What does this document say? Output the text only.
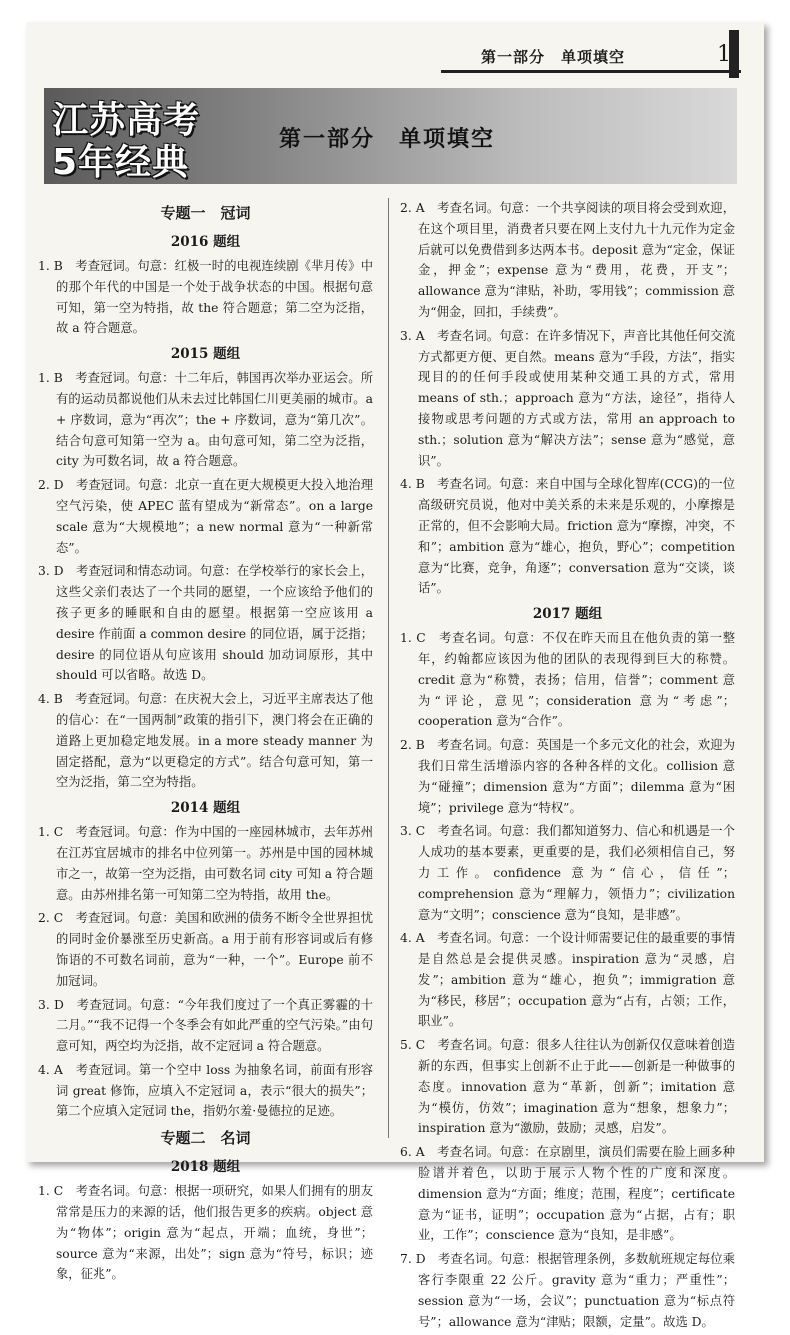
第一部分　单项填空	1
江苏高考
5年经典
第一部分　单项填空
专题一　冠词
2016 题组

1. B　考查冠词。句意：红极一时的电视连续剧《芈月传》中的那个年代的中国是一个处于战争状态的中国。根据句意可知，第一空为特指，故 the 符合题意；第二空为泛指，故 a 符合题意。

2015 题组

1. B　考查冠词。句意：十二年后，韩国再次举办亚运会。所有的运动员都说他们从未去过比韩国仁川更美丽的城市。a + 序数词，意为“再次”；the + 序数词，意为“第几次”。结合句意可知第一空为 a。由句意可知，第二空为泛指，city 为可数名词，故 a 符合题意。

2. D　考查冠词。句意：北京一直在更大规模更大投入地治理空气污染，使 APEC 蓝有望成为“新常态”。on a large scale 意为“大规模地”；a new normal 意为“一种新常态”。

3. D　考查冠词和情态动词。句意：在学校举行的家长会上，这些父亲们表达了一个共同的愿望，一个应该给予他们的孩子更多的睡眠和自由的愿望。根据第一空应该用 a desire 作前面 a common desire 的同位语，属于泛指；desire 的同位语从句应该用 should 加动词原形，其中 should 可以省略。故选 D。

4. B　考查冠词。句意：在庆祝大会上，习近平主席表达了他的信心：在“一国两制”政策的指引下，澳门将会在正确的道路上更加稳定地发展。in a more steady manner 为固定搭配，意为“以更稳定的方式”。结合句意可知，第一空为泛指，第二空为特指。

2014 题组

1. C　考查冠词。句意：作为中国的一座园林城市，去年苏州在江苏宜居城市的排名中位列第一。苏州是中国的园林城市之一，故第一空为泛指，由可数名词 city 可知 a 符合题意。由苏州排名第一可知第二空为特指，故用 the。

2. C　考查冠词。句意：美国和欧洲的债务不断令全世界担忧的同时金价暴涨至历史新高。a 用于前有形容词或后有修饰语的不可数名词前，意为“一种，一个”。Europe 前不加冠词。

3. D　考查冠词。句意：“今年我们度过了一个真正雾霾的十二月。”“我不记得一个冬季会有如此严重的空气污染。”由句意可知，两空均为泛指，故不定冠词 a 符合题意。

4. A　考查冠词。第一个空中 loss 为抽象名词，前面有形容词 great 修饰，应填入不定冠词 a，表示“很大的损失”；第二个应填入定冠词 the，指奶尔羞·曼德拉的足迹。

专题二　名词
2018 题组

1. C　考查名词。句意：根据一项研究，如果人们拥有的朋友常常是压力的来源的话，他们报告更多的疾病。object 意为“物体”；origin 意为“起点，开端；血统，身世”；source 意为“来源，出处”；sign 意为“符号，标识；迹象，征兆”。

2. A　考查名词。句意：一个共享阅读的项目将会受到欢迎，在这个项目里，消费者只要在网上支付九十九元作为定金后就可以免费借到多达两本书。deposit 意为“定金，保证金，押金”；expense 意为“费用，花费，开支”；allowance 意为“津贴，补助，零用钱”；commission 意为“佣金，回扣，手续费”。

3. A　考查名词。句意：在许多情况下，声音比其他任何交流方式都更方便、更自然。means 意为“手段，方法”，指实现目的的任何手段或使用某种交通工具的方式，常用 means of sth.；approach 意为“方法，途径”，指待人接物或思考问题的方式或方法，常用 an approach to sth.；solution 意为“解决方法”；sense 意为“感觉，意识”。

4. B　考查名词。句意：来自中国与全球化智库(CCG)的一位高级研究员说，他对中美关系的未来是乐观的，小摩擦是正常的，但不会影响大局。friction 意为“摩擦，冲突，不和”；ambition 意为“雄心，抱负，野心”；competition 意为“比赛，竞争，角逐”；conversation 意为“交谈，谈话”。

2017 题组

1. C　考查名词。句意：不仅在昨天而且在他负责的第一整年，约翰都应该因为他的团队的表现得到巨大的称赞。credit 意为“称赞，表扬；信用，信誉”；comment 意为“评论，意见”；consideration 意为“考虑”；cooperation 意为“合作”。

2. B　考查名词。句意：英国是一个多元文化的社会，欢迎为我们日常生活增添内容的各种各样的文化。collision 意为“碰撞”；dimension 意为“方面”；dilemma 意为“困境”；privilege 意为“特权”。

3. C　考查名词。句意：我们都知道努力、信心和机遇是一个人成功的基本要素，更重要的是，我们必须相信自己，努力工作。confidence 意为“信心，信任”；comprehension 意为“理解力，领悟力”；civilization 意为“文明”；conscience 意为“良知，是非感”。

4. A　考查名词。句意：一个设计师需要记住的最重要的事情是自然总是会提供灵感。inspiration 意为“灵感，启发”；ambition 意为“雄心，抱负”；immigration 意为“移民，移居”；occupation 意为“占有，占领；工作，职业”。

5. C　考查名词。句意：很多人往往认为创新仅仅意味着创造新的东西，但事实上创新不止于此——创新是一种做事的态度。innovation 意为“革新，创新”；imitation 意为“模仿，仿效”；imagination 意为“想象，想象力”；inspiration 意为“激励，鼓励；灵感，启发”。

6. A　考查名词。句意：在京剧里，演员们需要在脸上画多种脸谱并着色，以助于展示人物个性的广度和深度。dimension 意为“方面；维度；范围，程度”；certificate 意为“证书，证明”；occupation 意为“占据，占有；职业，工作”；conscience 意为“良知，是非感”。

7. D　考查名词。句意：根据管理条例，多数航班规定每位乘客行李限重 22 公斤。gravity 意为“重力；严重性”；session 意为“一场，会议”；punctuation 意为“标点符号”；allowance 意为“津贴；限额，定量”。故选 D。
